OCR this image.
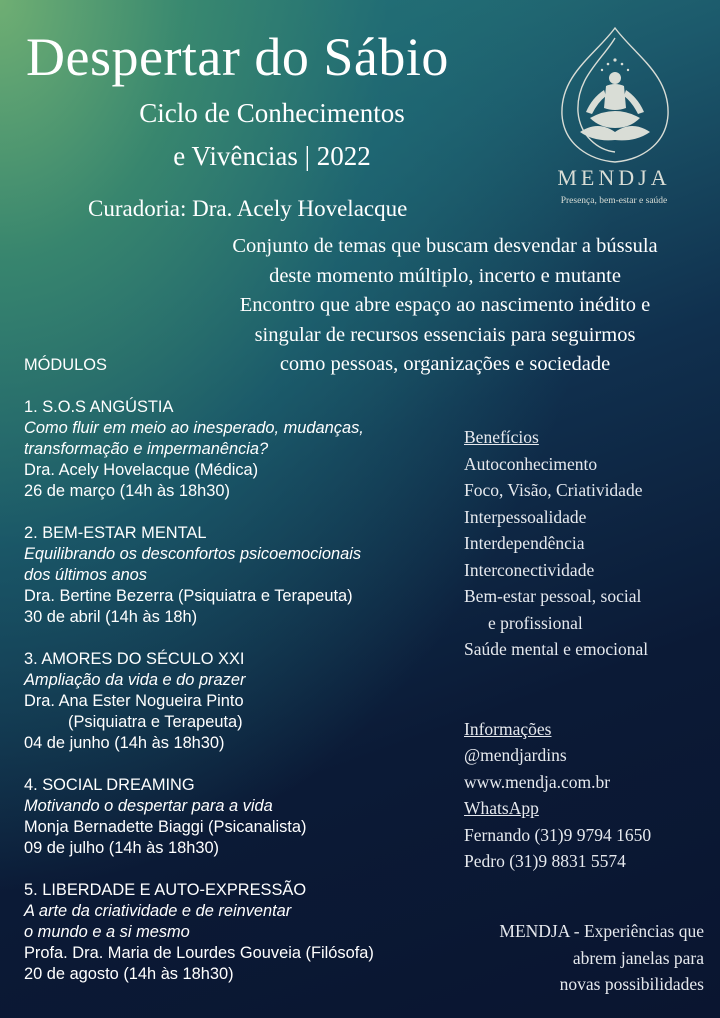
Despertar do Sábio
Ciclo de Conhecimentos
e Vivências | 2022
Curadoria: Dra. Acely Hovelacque
MENDJA
Presença, bem-estar e saúde
Conjunto de temas que buscam desvendar a bússula
deste momento múltiplo, incerto e mutante
Encontro que abre espaço ao nascimento inédito e
singular de recursos essenciais para seguirmos
como pessoas, organizações e sociedade
MÓDULOS
1. S.O.S ANGÚSTIA
Como fluir em meio ao inesperado, mudanças,
transformação e impermanência?
Dra. Acely Hovelacque (Médica)
26 de março (14h às 18h30)
2. BEM-ESTAR MENTAL
Equilibrando os desconfortos psicoemocionais
dos últimos anos
Dra. Bertine Bezerra (Psiquiatra e Terapeuta)
30 de abril (14h às 18h)
3. AMORES DO SÉCULO XXI
Ampliação da vida e do prazer
Dra. Ana Ester Nogueira Pinto
(Psiquiatra e Terapeuta)
04 de junho (14h às 18h30)
4. SOCIAL DREAMING
Motivando o despertar para a vida
Monja Bernadette Biaggi (Psicanalista)
09 de julho (14h às 18h30)
5. LIBERDADE E AUTO-EXPRESSÃO
A arte da criatividade e de reinventar
o mundo e a si mesmo
Profa. Dra. Maria de Lourdes Gouveia (Filósofa)
20 de agosto (14h às 18h30)
Benefícios
Autoconhecimento
Foco, Visão, Criatividade
Interpessoalidade
Interdependência
Interconectividade
Bem-estar pessoal, social
e profissional
Saúde mental e emocional
Informações
@mendjardins
www.mendja.com.br
WhatsApp
Fernando (31)9 9794 1650
Pedro (31)9 8831 5574
MENDJA - Experiências que
abrem janelas para
novas possibilidades
